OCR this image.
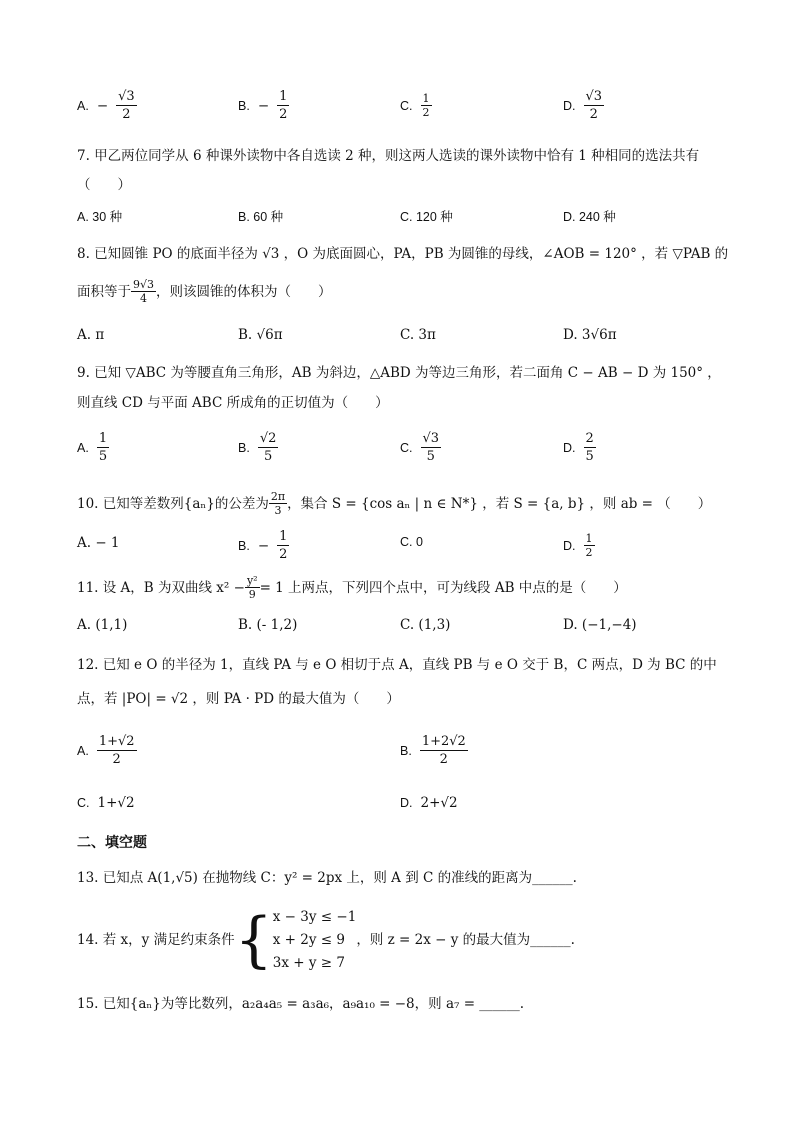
A. − $\frac{√3}{2}$	B. − $\frac{1}{2}$	C. $\frac{1}{2}$	D. $\frac{√3}{2}$
7. 甲乙两位同学从 6 种课外读物中各自选读 2 种，则这两人选读的课外读物中恰有 1 种相同的选法共有
（　　）
A. 30 种	B. 60 种	C. 120 种	D. 240 种
8. 已知圆锥 PO 的底面半径为 √3 ，O 为底面圆心，PA，PB 为圆锥的母线，∠AOB = 120° ，若 ▽PAB 的
面积等于 $\frac{9√3}{4}$ ，则该圆锥的体积为（　　）
A. π	B. √6π	C. 3π	D. 3√6π
9. 已知 ▽ABC 为等腰直角三角形，AB 为斜边，△ABD 为等边三角形，若二面角 C − AB − D 为 150° ，
则直线 CD 与平面 ABC 所成角的正切值为（　　）
A. $\frac{1}{5}$	B. $\frac{√2}{5}$	C. $\frac{√3}{5}$	D. $\frac{2}{5}$
10. 已知等差数列{aₙ}的公差为 $\frac{2\pi}{3}$ ，集合 S = {cos aₙ | n ∈ N*} ，若 S = {a, b} ，则 ab = （　　）
A. − 1	B. − $\frac{1}{2}$	C. 0	D. $\frac{1}{2}$
11. 设 A，B 为双曲线 $x^2 - \frac{\text{y²}}{9} = 1$ 上两点，下列四个点中，可为线段 AB 中点的是（　　）
A. (1,1)	B. (- 1,2)	C. (1,3)	D. (−1,−4)
12. 已知 e O 的半径为 1，直线 PA 与 e O 相切于点 A，直线 PB 与 e O 交于 B，C 两点，D 为 BC 的中
点，若 |PO| = √2 ，则 PA · PD 的最大值为（　　）
A. $\frac{1+√2}{2}$	B. $\frac{1+2√2}{2}$
C. 1+√2	D. 2+√2
二、填空题
13. 已知点 A(1,√5) 在抛物线 C：y² = 2px 上，则 A 到 C 的准线的距离为______.
14. 若 x，y 满足约束条件 { x − 3y ≤ −1
x + 2y ≤ 9
3x + y ≥ 7
，则 z = 2x − y 的最大值为______.
15. 已知{aₙ}为等比数列，a₂a₄a₅ = a₃a₆，a₉a₁₀ = −8，则 a₇ = ______.
